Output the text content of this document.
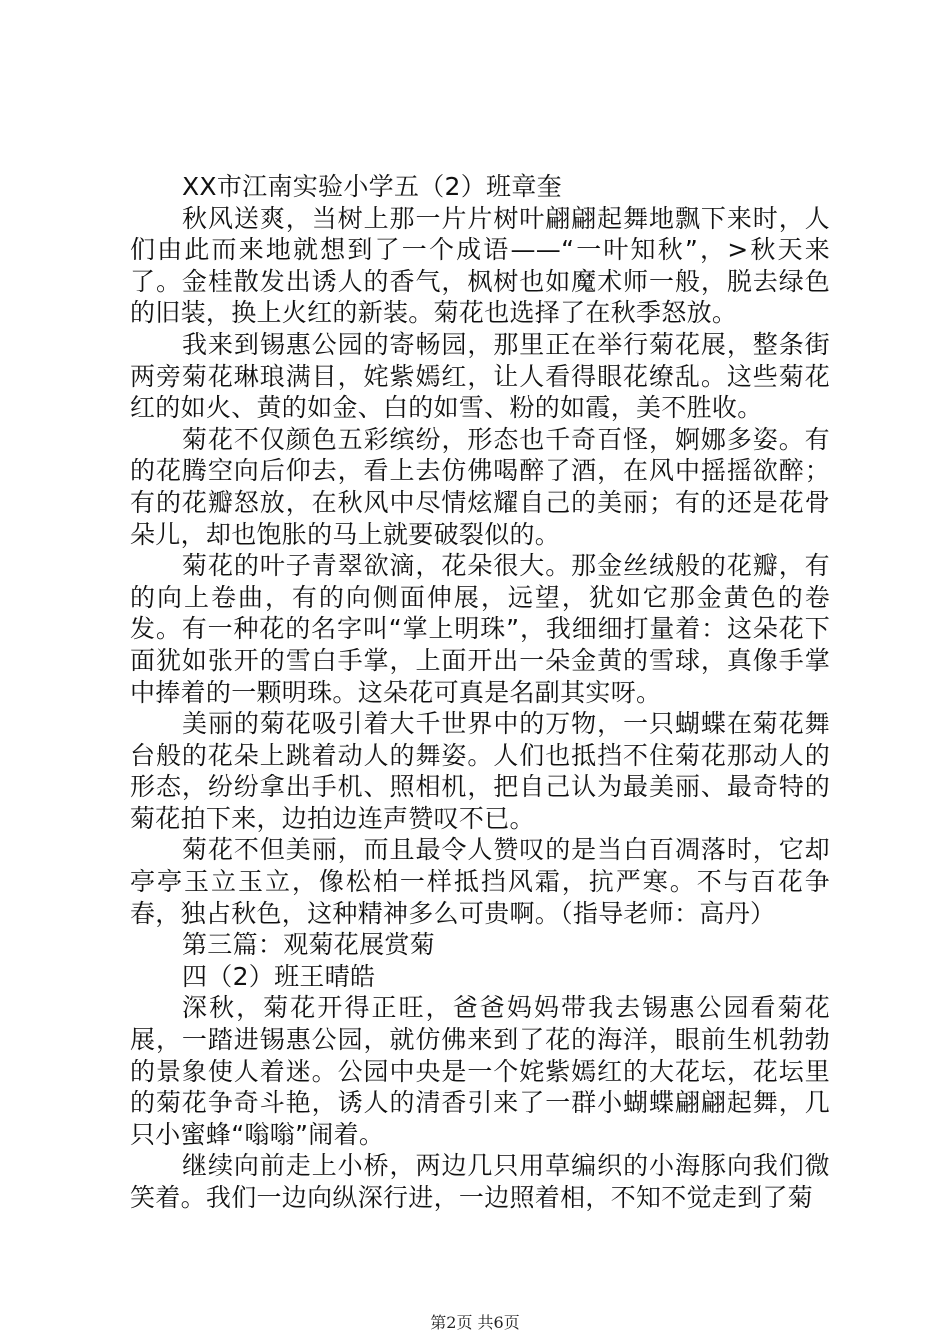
XX市江南实验小学五（2）班章奎

秋风送爽，当树上那一片片树叶翩翩起舞地飘下来时，人们由此而来地就想到了一个成语——“一叶知秋”，>秋天来了。金桂散发出诱人的香气，枫树也如魔术师一般，脱去绿色的旧装，换上火红的新装。菊花也选择了在秋季怒放。

我来到锡惠公园的寄畅园，那里正在举行菊花展，整条街两旁菊花琳琅满目，姹紫嫣红，让人看得眼花缭乱。这些菊花红的如火、黄的如金、白的如雪、粉的如霞，美不胜收。

菊花不仅颜色五彩缤纷，形态也千奇百怪，婀娜多姿。有的花腾空向后仰去，看上去仿佛喝醉了酒，在风中摇摇欲醉；有的花瓣怒放，在秋风中尽情炫耀自己的美丽；有的还是花骨朵儿，却也饱胀的马上就要破裂似的。

菊花的叶子青翠欲滴，花朵很大。那金丝绒般的花瓣，有的向上卷曲，有的向侧面伸展，远望，犹如它那金黄色的卷发。有一种花的名字叫“掌上明珠”，我细细打量着：这朵花下面犹如张开的雪白手掌，上面开出一朵金黄的雪球，真像手掌中捧着的一颗明珠。这朵花可真是名副其实呀。

美丽的菊花吸引着大千世界中的万物，一只蝴蝶在菊花舞台般的花朵上跳着动人的舞姿。人们也抵挡不住菊花那动人的形态，纷纷拿出手机、照相机，把自己认为最美丽、最奇特的菊花拍下来，边拍边连声赞叹不已。

菊花不但美丽，而且最令人赞叹的是当白百凋落时，它却亭亭玉立玉立，像松柏一样抵挡风霜，抗严寒。不与百花争春，独占秋色，这种精神多么可贵啊。（指导老师：高丹）

第三篇：观菊花展赏菊

四（2）班王晴皓

深秋，菊花开得正旺，爸爸妈妈带我去锡惠公园看菊花展，一踏进锡惠公园，就仿佛来到了花的海洋，眼前生机勃勃的景象使人着迷。公园中央是一个姹紫嫣红的大花坛，花坛里的菊花争奇斗艳，诱人的清香引来了一群小蝴蝶翩翩起舞，几只小蜜蜂“嗡嗡”闹着。

继续向前走上小桥，两边几只用草编织的小海豚向我们微笑着。我们一边向纵深行进，一边照着相，不知不觉走到了菊

第2页 共6页
